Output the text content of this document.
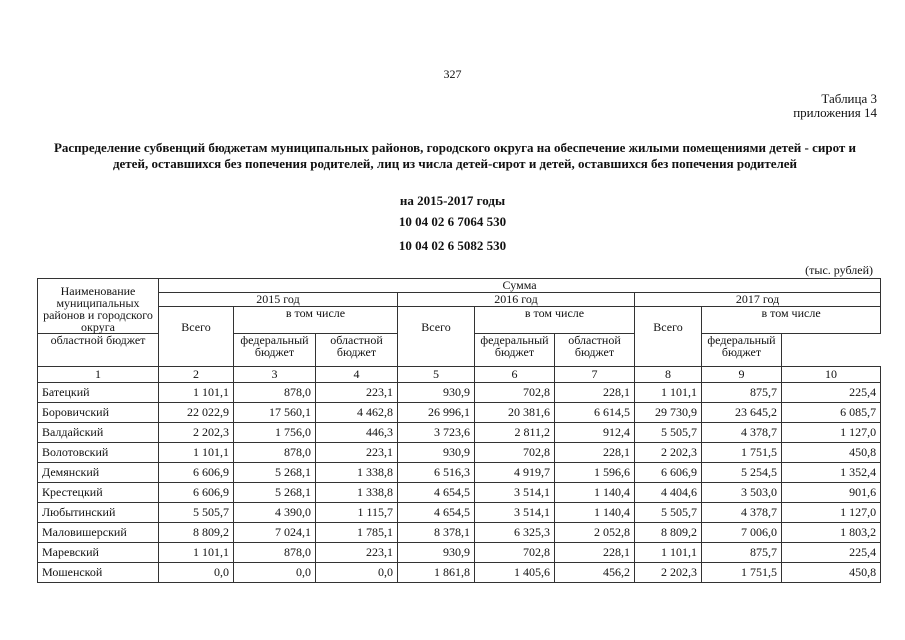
327
Таблица 3
приложения 14
Распределение субвенций бюджетам муниципальных районов, городского округа на обеспечение жилыми помещениями детей - сирот и детей, оставшихся без попечения родителей, лиц из числа детей-сирот и детей, оставшихся без попечения родителей
на 2015-2017 годы
10 04 02 6 7064 530
10 04 02 6 5082 530
(тыс. рублей)
Наименование муниципальных районов и городского округа	Сумма								
	2015 год			2016 год			2017 год		
	Всего	в том числе		Всего	в том числе		Всего	в том числе	
областной бюджет		федеральный бюджет	областной бюджет		федеральный бюджет	областной бюджет		федеральный бюджет	
1	2	3	4	5	6	7	8	9	10
Батецкий	1 101,1	878,0	223,1	930,9	702,8	228,1	1 101,1	875,7	225,4
Боровичский	22 022,9	17 560,1	4 462,8	26 996,1	20 381,6	6 614,5	29 730,9	23 645,2	6 085,7
Валдайский	2 202,3	1 756,0	446,3	3 723,6	2 811,2	912,4	5 505,7	4 378,7	1 127,0
Волотовский	1 101,1	878,0	223,1	930,9	702,8	228,1	2 202,3	1 751,5	450,8
Демянский	6 606,9	5 268,1	1 338,8	6 516,3	4 919,7	1 596,6	6 606,9	5 254,5	1 352,4
Крестецкий	6 606,9	5 268,1	1 338,8	4 654,5	3 514,1	1 140,4	4 404,6	3 503,0	901,6
Любытинский	5 505,7	4 390,0	1 115,7	4 654,5	3 514,1	1 140,4	5 505,7	4 378,7	1 127,0
Маловишерский	8 809,2	7 024,1	1 785,1	8 378,1	6 325,3	2 052,8	8 809,2	7 006,0	1 803,2
Маревский	1 101,1	878,0	223,1	930,9	702,8	228,1	1 101,1	875,7	225,4
Мошенской	0,0	0,0	0,0	1 861,8	1 405,6	456,2	2 202,3	1 751,5	450,8
